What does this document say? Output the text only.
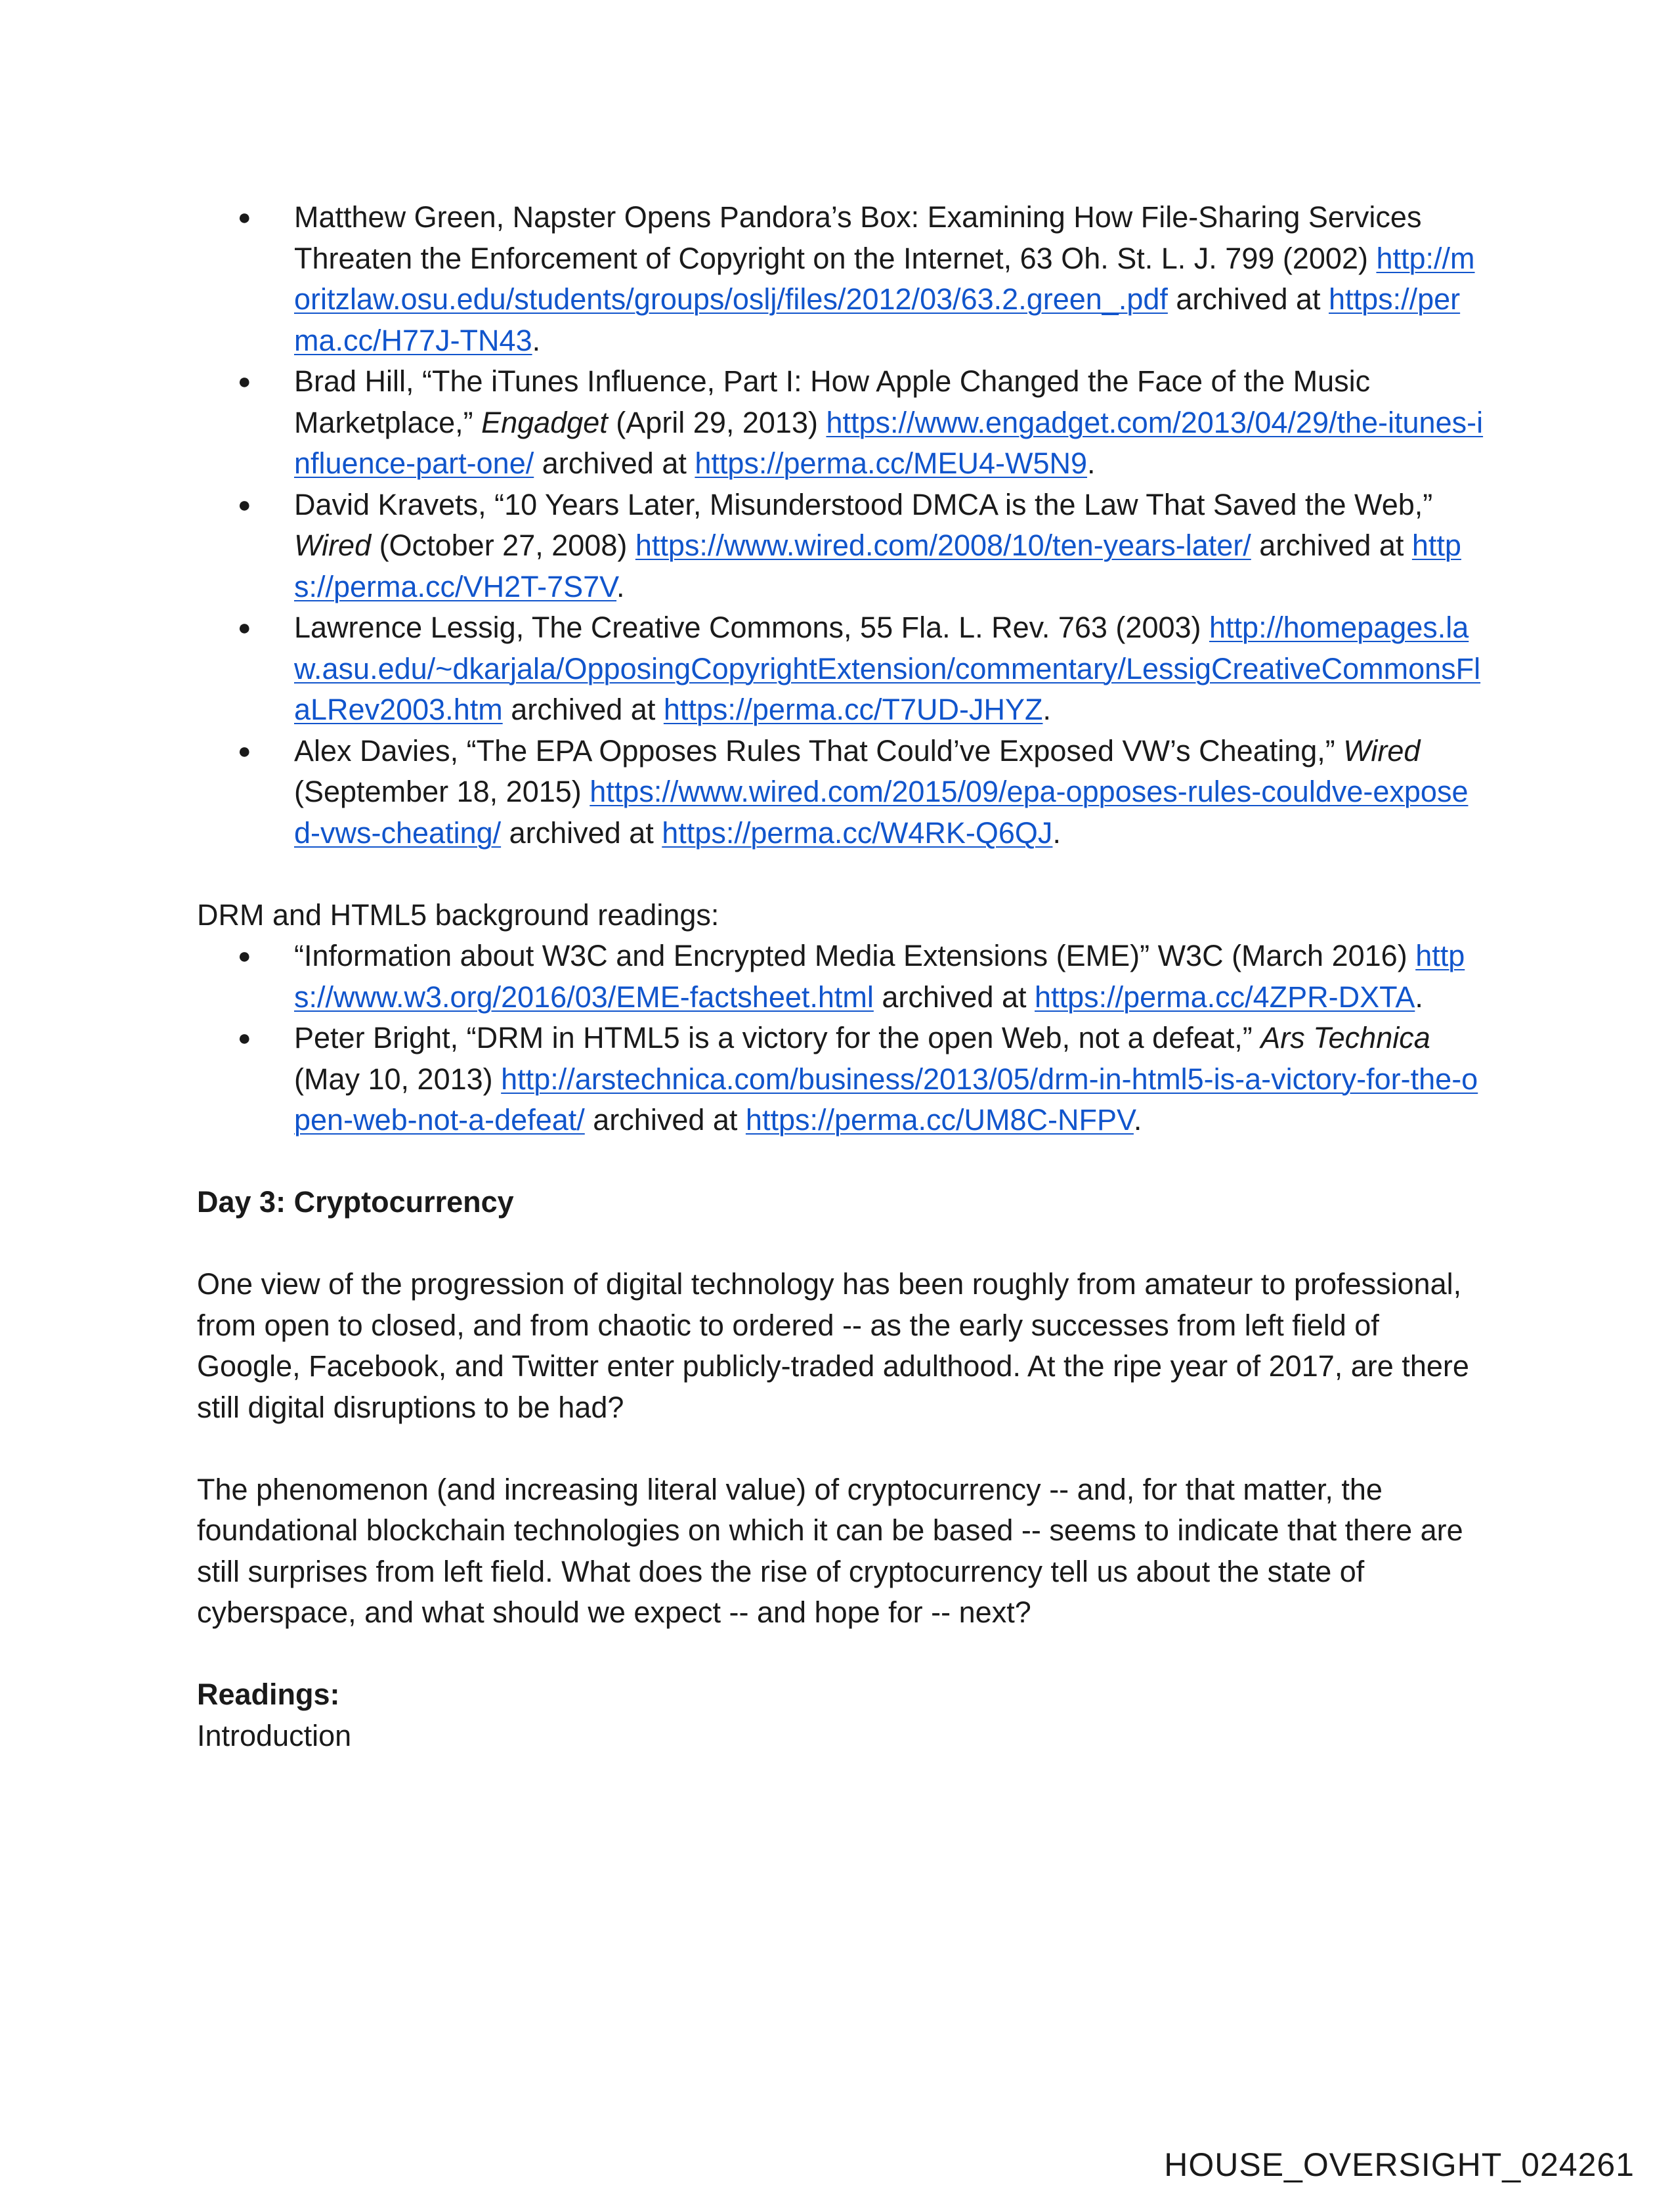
●	Matthew Green, Napster Opens Pandora’s Box: Examining How File-Sharing Services Threaten the Enforcement of Copyright on the Internet, 63 Oh. St. L. J. 799 (2002) http://moritzlaw.osu.edu/students/groups/oslj/files/2012/03/63.2.green_.pdf archived at https://perma.cc/H77J-TN43.
●	Brad Hill, “The iTunes Influence, Part I: How Apple Changed the Face of the Music Marketplace,” Engadget (April 29, 2013) https://www.engadget.com/2013/04/29/the-itunes-influence-part-one/ archived at https://perma.cc/MEU4-W5N9.
●	David Kravets, “10 Years Later, Misunderstood DMCA is the Law That Saved the Web,” Wired (October 27, 2008) https://www.wired.com/2008/10/ten-years-later/ archived at https://perma.cc/VH2T-7S7V.
●	Lawrence Lessig, The Creative Commons, 55 Fla. L. Rev. 763 (2003) http://homepages.law.asu.edu/~dkarjala/OpposingCopyrightExtension/commentary/LessigCreativeCommonsFlaLRev2003.htm archived at https://perma.cc/T7UD-JHYZ.
●	Alex Davies, “The EPA Opposes Rules That Could’ve Exposed VW’s Cheating,” Wired (September 18, 2015) https://www.wired.com/2015/09/epa-opposes-rules-couldve-exposed-vws-cheating/ archived at https://perma.cc/W4RK-Q6QJ.
DRM and HTML5 background readings:
●	“Information about W3C and Encrypted Media Extensions (EME)” W3C (March 2016) https://www.w3.org/2016/03/EME-factsheet.html archived at https://perma.cc/4ZPR-DXTA.
●	Peter Bright, “DRM in HTML5 is a victory for the open Web, not a defeat,” Ars Technica (May 10, 2013) http://arstechnica.com/business/2013/05/drm-in-html5-is-a-victory-for-the-open-web-not-a-defeat/ archived at https://perma.cc/UM8C-NFPV.
Day 3: Cryptocurrency

One view of the progression of digital technology has been roughly from amateur to professional, from open to closed, and from chaotic to ordered -- as the early successes from left field of Google, Facebook, and Twitter enter publicly-traded adulthood. At the ripe year of 2017, are there still digital disruptions to be had?

The phenomenon (and increasing literal value) of cryptocurrency -- and, for that matter, the foundational blockchain technologies on which it can be based -- seems to indicate that there are still surprises from left field. What does the rise of cryptocurrency tell us about the state of cyberspace, and what should we expect -- and hope for -- next?

Readings:
Introduction
HOUSE_OVERSIGHT_024261
